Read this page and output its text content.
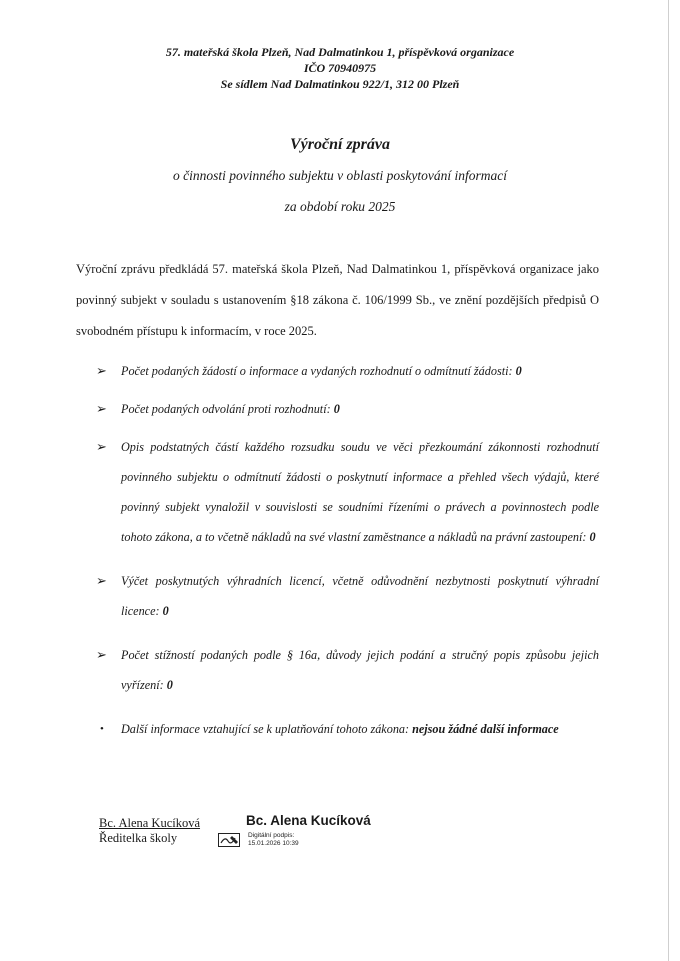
57. mateřská škola Plzeň, Nad Dalmatinkou 1, příspěvková organizace
IČO 70940975
Se sídlem Nad Dalmatinkou 922/1, 312 00 Plzeň
Výroční zpráva
o činnosti povinného subjektu v oblasti poskytování informací
za období roku 2025

Výroční zprávu předkládá 57. mateřská škola Plzeň, Nad Dalmatinkou 1, příspěvková organizace jako povinný subjekt v souladu s ustanovením §18 zákona č. 106/1999 Sb., ve znění pozdějších předpisů O svobodném přístupu k informacím, v roce 2025.

➢ Počet podaných žádostí o informace a vydaných rozhodnutí o odmítnutí žádosti: 0
➢ Počet podaných odvolání proti rozhodnutí: 0
➢ Opis podstatných částí každého rozsudku soudu ve věci přezkoumání zákonnosti rozhodnutí povinného subjektu o odmítnutí žádosti o poskytnutí informace a přehled všech výdajů, které povinný subjekt vynaložil v souvislosti se soudními řízeními o právech a povinnostech podle tohoto zákona, a to včetně nákladů na své vlastní zaměstnance a nákladů na právní zastoupení: 0
➢ Výčet poskytnutých výhradních licencí, včetně odůvodnění nezbytnosti poskytnutí výhradní licence: 0
➢ Počet stížností podaných podle § 16a, důvody jejich podání a stručný popis způsobu jejich vyřízení: 0
• Další informace vztahující se k uplatňování tohoto zákona: nejsou žádné další informace
Bc. Alena Kucíková
Ředitelka školy
Bc. Alena Kucíková
Digitální podpis:
15.01.2026 10:39
